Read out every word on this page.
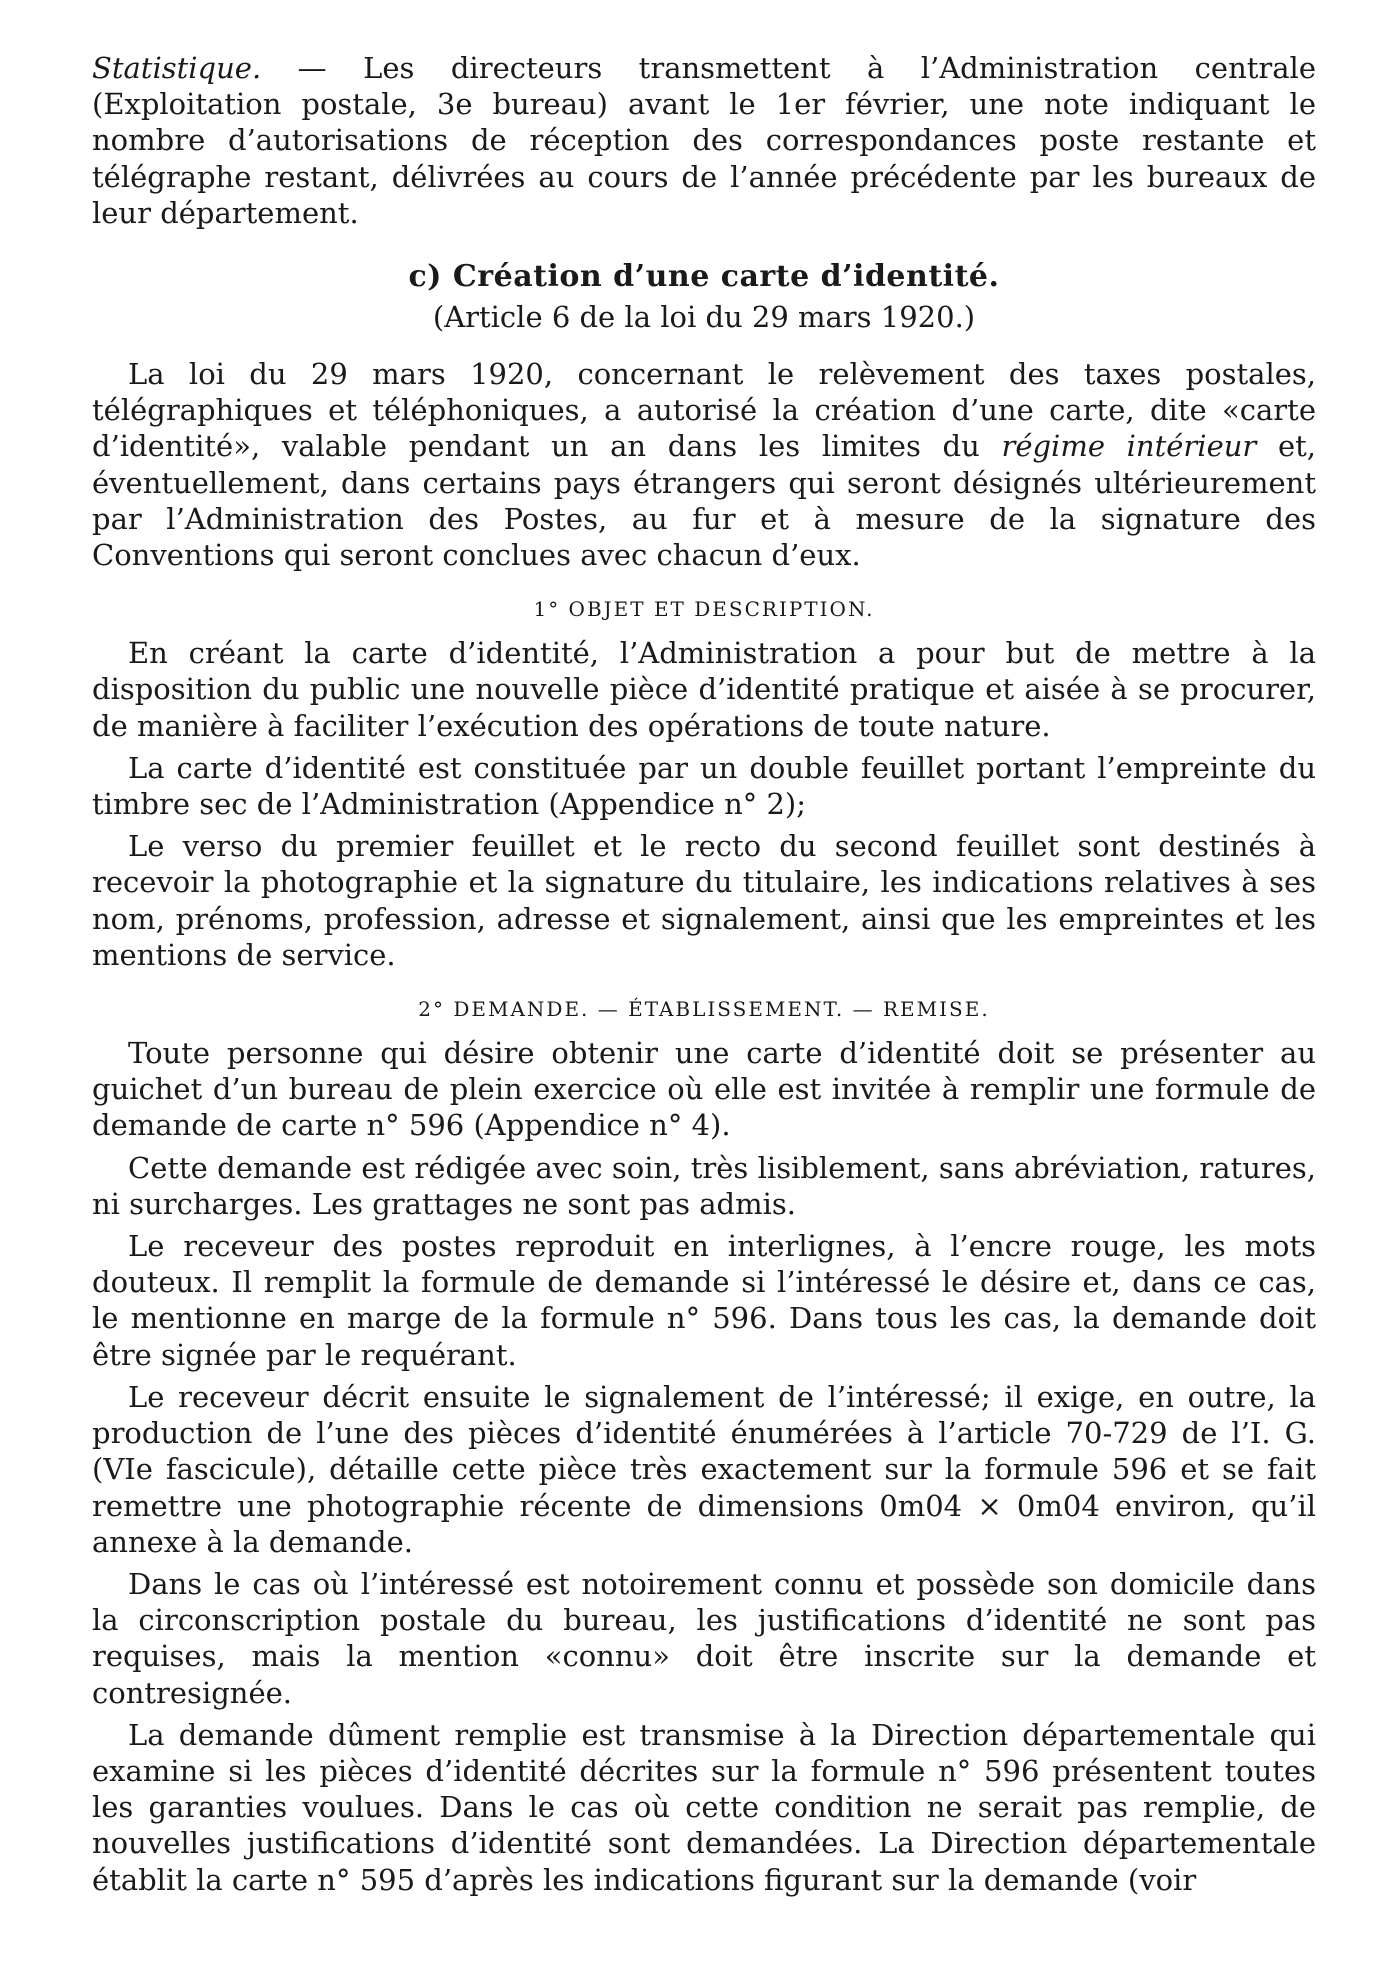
Statistique. — Les directeurs transmettent à l’Administration centrale (Exploitation postale, 3e bureau) avant le 1er février, une note indiquant le nombre d’autorisations de réception des correspondances poste restante et télégraphe restant, délivrées au cours de l’année précédente par les bureaux de leur département.

c) Création d’une carte d’identité.
(Article 6 de la loi du 29 mars 1920.)

La loi du 29 mars 1920, concernant le relèvement des taxes postales, télégraphiques et téléphoniques, a autorisé la création d’une carte, dite «carte d’identité», valable pendant un an dans les limites du régime intérieur et, éventuellement, dans certains pays étrangers qui seront désignés ultérieurement par l’Administration des Postes, au fur et à mesure de la signature des Conventions qui seront conclues avec chacun d’eux.

1° OBJET ET DESCRIPTION.

En créant la carte d’identité, l’Administration a pour but de mettre à la disposition du public une nouvelle pièce d’identité pratique et aisée à se procurer, de manière à faciliter l’exécution des opérations de toute nature.

La carte d’identité est constituée par un double feuillet portant l’empreinte du timbre sec de l’Administration (Appendice n° 2);

Le verso du premier feuillet et le recto du second feuillet sont destinés à recevoir la photographie et la signature du titulaire, les indications relatives à ses nom, prénoms, profession, adresse et signalement, ainsi que les empreintes et les mentions de service.

2° DEMANDE. — ÉTABLISSEMENT. — REMISE.

Toute personne qui désire obtenir une carte d’identité doit se présenter au guichet d’un bureau de plein exercice où elle est invitée à remplir une formule de demande de carte n° 596 (Appendice n° 4).

Cette demande est rédigée avec soin, très lisiblement, sans abréviation, ratures, ni surcharges. Les grattages ne sont pas admis.

Le receveur des postes reproduit en interlignes, à l’encre rouge, les mots douteux. Il remplit la formule de demande si l’intéressé le désire et, dans ce cas, le mentionne en marge de la formule n° 596. Dans tous les cas, la demande doit être signée par le requérant.

Le receveur décrit ensuite le signalement de l’intéressé; il exige, en outre, la production de l’une des pièces d’identité énumérées à l’article 70-729 de l’I. G. (VIe fascicule), détaille cette pièce très exactement sur la formule 596 et se fait remettre une photographie récente de dimensions 0m04 × 0m04 environ, qu’il annexe à la demande.

Dans le cas où l’intéressé est notoirement connu et possède son domicile dans la circonscription postale du bureau, les justifications d’identité ne sont pas requises, mais la mention «connu» doit être inscrite sur la demande et contresignée.

La demande dûment remplie est transmise à la Direction départementale qui examine si les pièces d’identité décrites sur la formule n° 596 présentent toutes les garanties voulues. Dans le cas où cette condition ne serait pas remplie, de nouvelles justifications d’identité sont demandées. La Direction départementale établit la carte n° 595 d’après les indications figurant sur la demande (voir
